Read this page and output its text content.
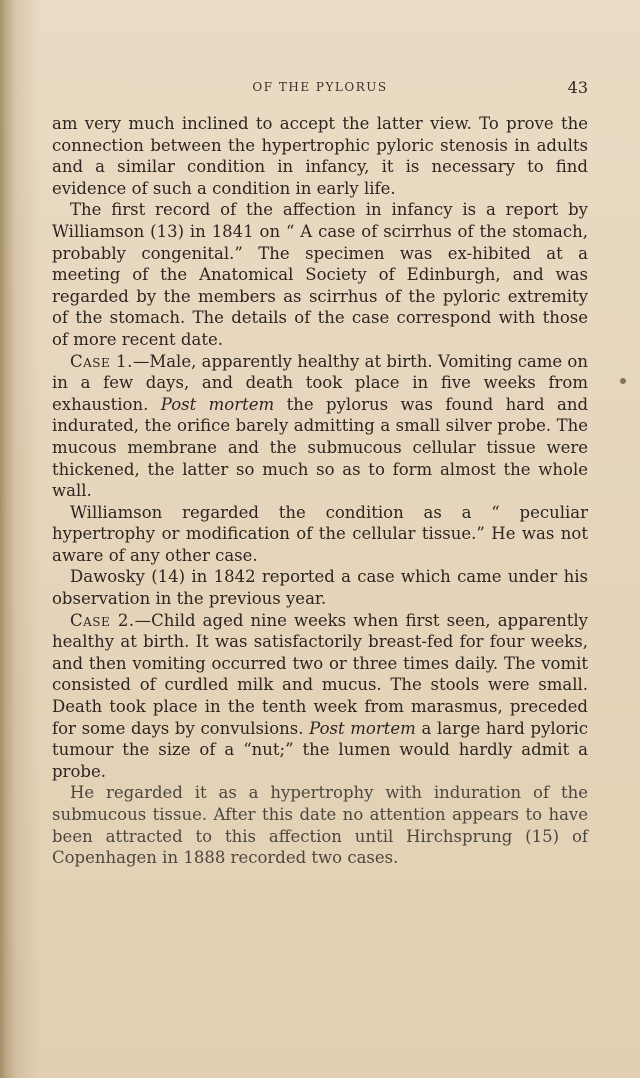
OF THE PYLORUS	43

am very much inclined to accept the latter view. To prove the connection between the hypertrophic pyloric stenosis in adults and a similar condition in infancy, it is necessary to find evidence of such a condition in early life.

The first record of the affection in infancy is a report by Williamson (13) in 1841 on “ A case of scirrhus of the stomach, probably congenital.” The specimen was ex-hibited at a meeting of the Anatomical Society of Edinburgh, and was regarded by the members as scirrhus of the pyloric extremity of the stomach. The details of the case correspond with those of more recent date.

Case 1.—Male, apparently healthy at birth. Vomiting came on in a few days, and death took place in five weeks from exhaustion. Post mortem the pylorus was found hard and indurated, the orifice barely admitting a small silver probe. The mucous membrane and the submucous cellular tissue were thickened, the latter so much so as to form almost the whole wall.

Williamson regarded the condition as a “ peculiar hypertrophy or modification of the cellular tissue.” He was not aware of any other case.

Dawosky (14) in 1842 reported a case which came under his observation in the previous year.

Case 2.—Child aged nine weeks when first seen, apparently healthy at birth. It was satisfactorily breast-fed for four weeks, and then vomiting occurred two or three times daily. The vomit consisted of curdled milk and mucus. The stools were small. Death took place in the tenth week from marasmus, preceded for some days by convulsions. Post mortem a large hard pyloric tumour the size of a “nut;” the lumen would hardly admit a probe.

He regarded it as a hypertrophy with induration of the submucous tissue. After this date no attention appears to have been attracted to this affection until Hirchsprung (15) of Copenhagen in 1888 recorded two cases.
